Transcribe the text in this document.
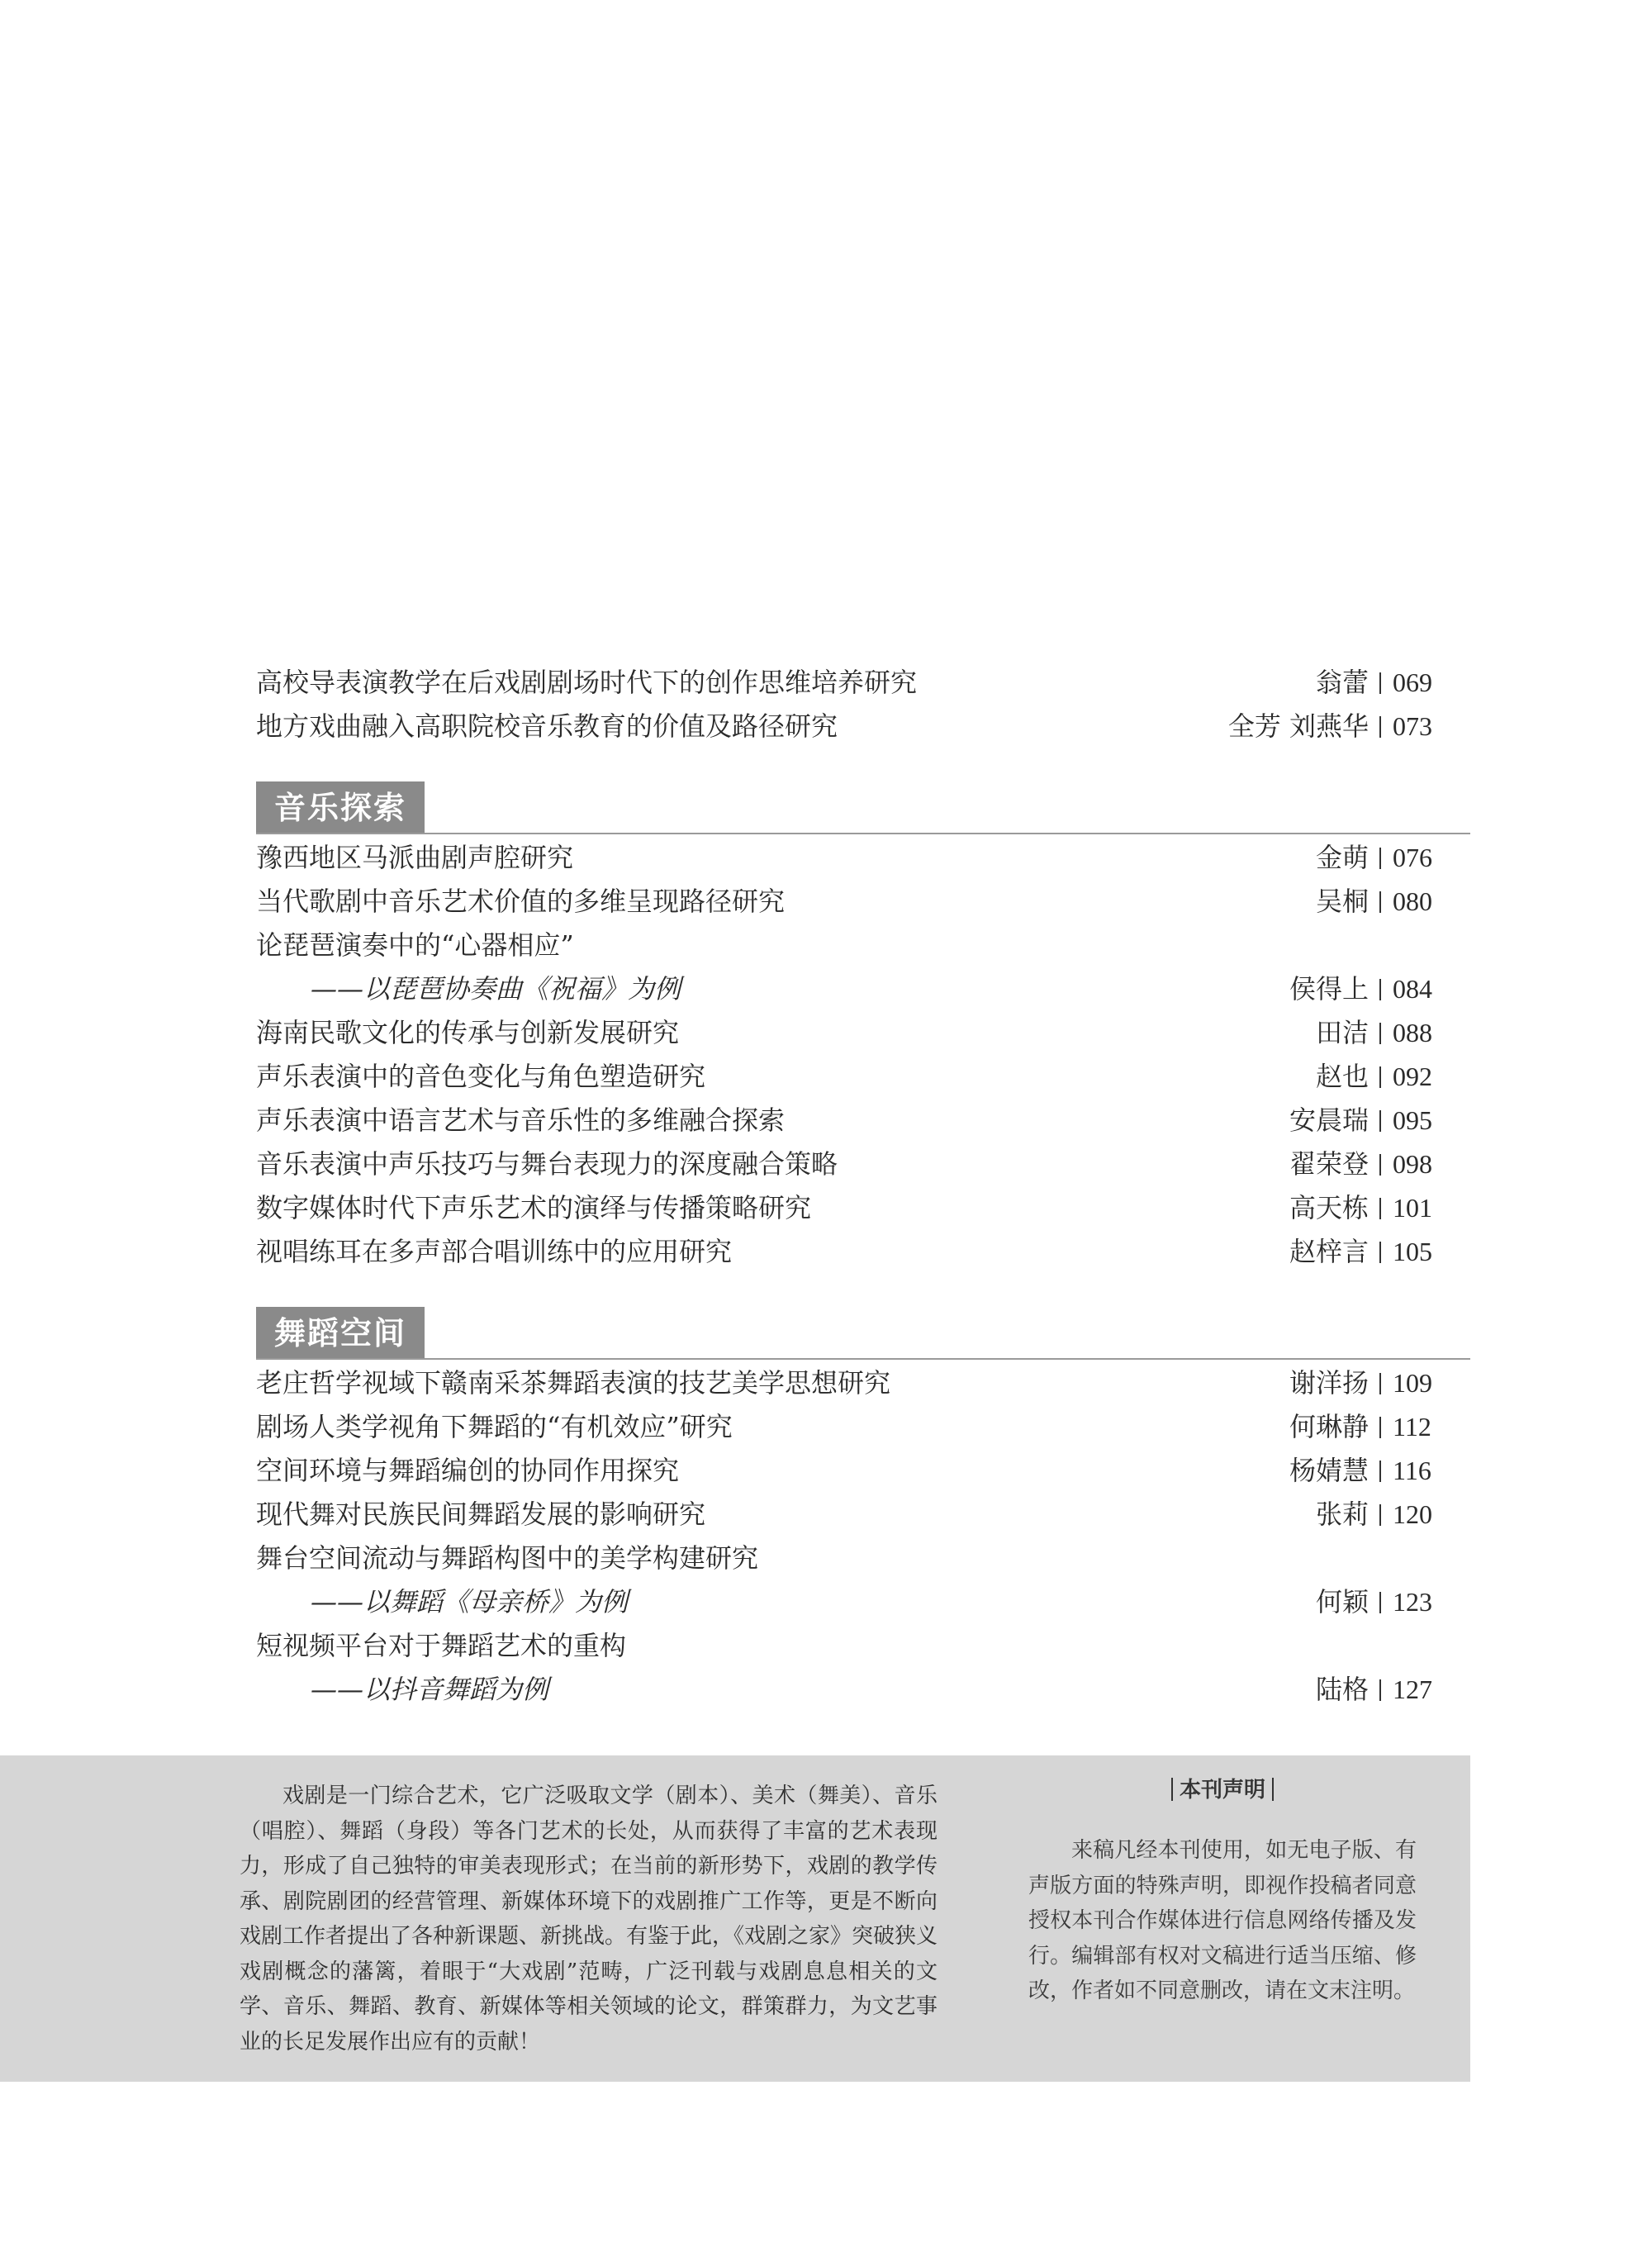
高校导表演教学在后戏剧剧场时代下的创作思维培养研究	翁蕾 069
地方戏曲融入高职院校音乐教育的价值及路径研究	全芳 刘燕华 073
音乐探索
豫西地区马派曲剧声腔研究	金萌 076
当代歌剧中音乐艺术价值的多维呈现路径研究	吴桐 080
论琵琶演奏中的“心器相应”
——以琵琶协奏曲《祝福》为例	侯得上 084
海南民歌文化的传承与创新发展研究	田洁 088
声乐表演中的音色变化与角色塑造研究	赵也 092
声乐表演中语言艺术与音乐性的多维融合探索	安晨瑞 095
音乐表演中声乐技巧与舞台表现力的深度融合策略	翟荣登 098
数字媒体时代下声乐艺术的演绎与传播策略研究	高天栋 101
视唱练耳在多声部合唱训练中的应用研究	赵梓言 105
舞蹈空间
老庄哲学视域下赣南采茶舞蹈表演的技艺美学思想研究	谢洋扬 109
剧场人类学视角下舞蹈的“有机效应”研究	何琳静 112
空间环境与舞蹈编创的协同作用探究	杨婧慧 116
现代舞对民族民间舞蹈发展的影响研究	张莉 120
舞台空间流动与舞蹈构图中的美学构建研究
——以舞蹈《母亲桥》为例	何颖 123
短视频平台对于舞蹈艺术的重构
——以抖音舞蹈为例	陆格 127
戏剧是一门综合艺术，它广泛吸取文学（剧本）、美术（舞美）、音乐（唱腔）、舞蹈（身段）等各门艺术的长处，从而获得了丰富的艺术表现力，形成了自己独特的审美表现形式；在当前的新形势下，戏剧的教学传承、剧院剧团的经营管理、新媒体环境下的戏剧推广工作等，更是不断向戏剧工作者提出了各种新课题、新挑战。有鉴于此，《戏剧之家》突破狭义戏剧概念的藩篱，着眼于“大戏剧”范畴，广泛刊载与戏剧息息相关的文学、音乐、舞蹈、教育、新媒体等相关领域的论文，群策群力，为文艺事业的长足发展作出应有的贡献！
本刊声明
来稿凡经本刊使用，如无电子版、有声版方面的特殊声明，即视作投稿者同意授权本刊合作媒体进行信息网络传播及发行。编辑部有权对文稿进行适当压缩、修改，作者如不同意删改，请在文末注明。
